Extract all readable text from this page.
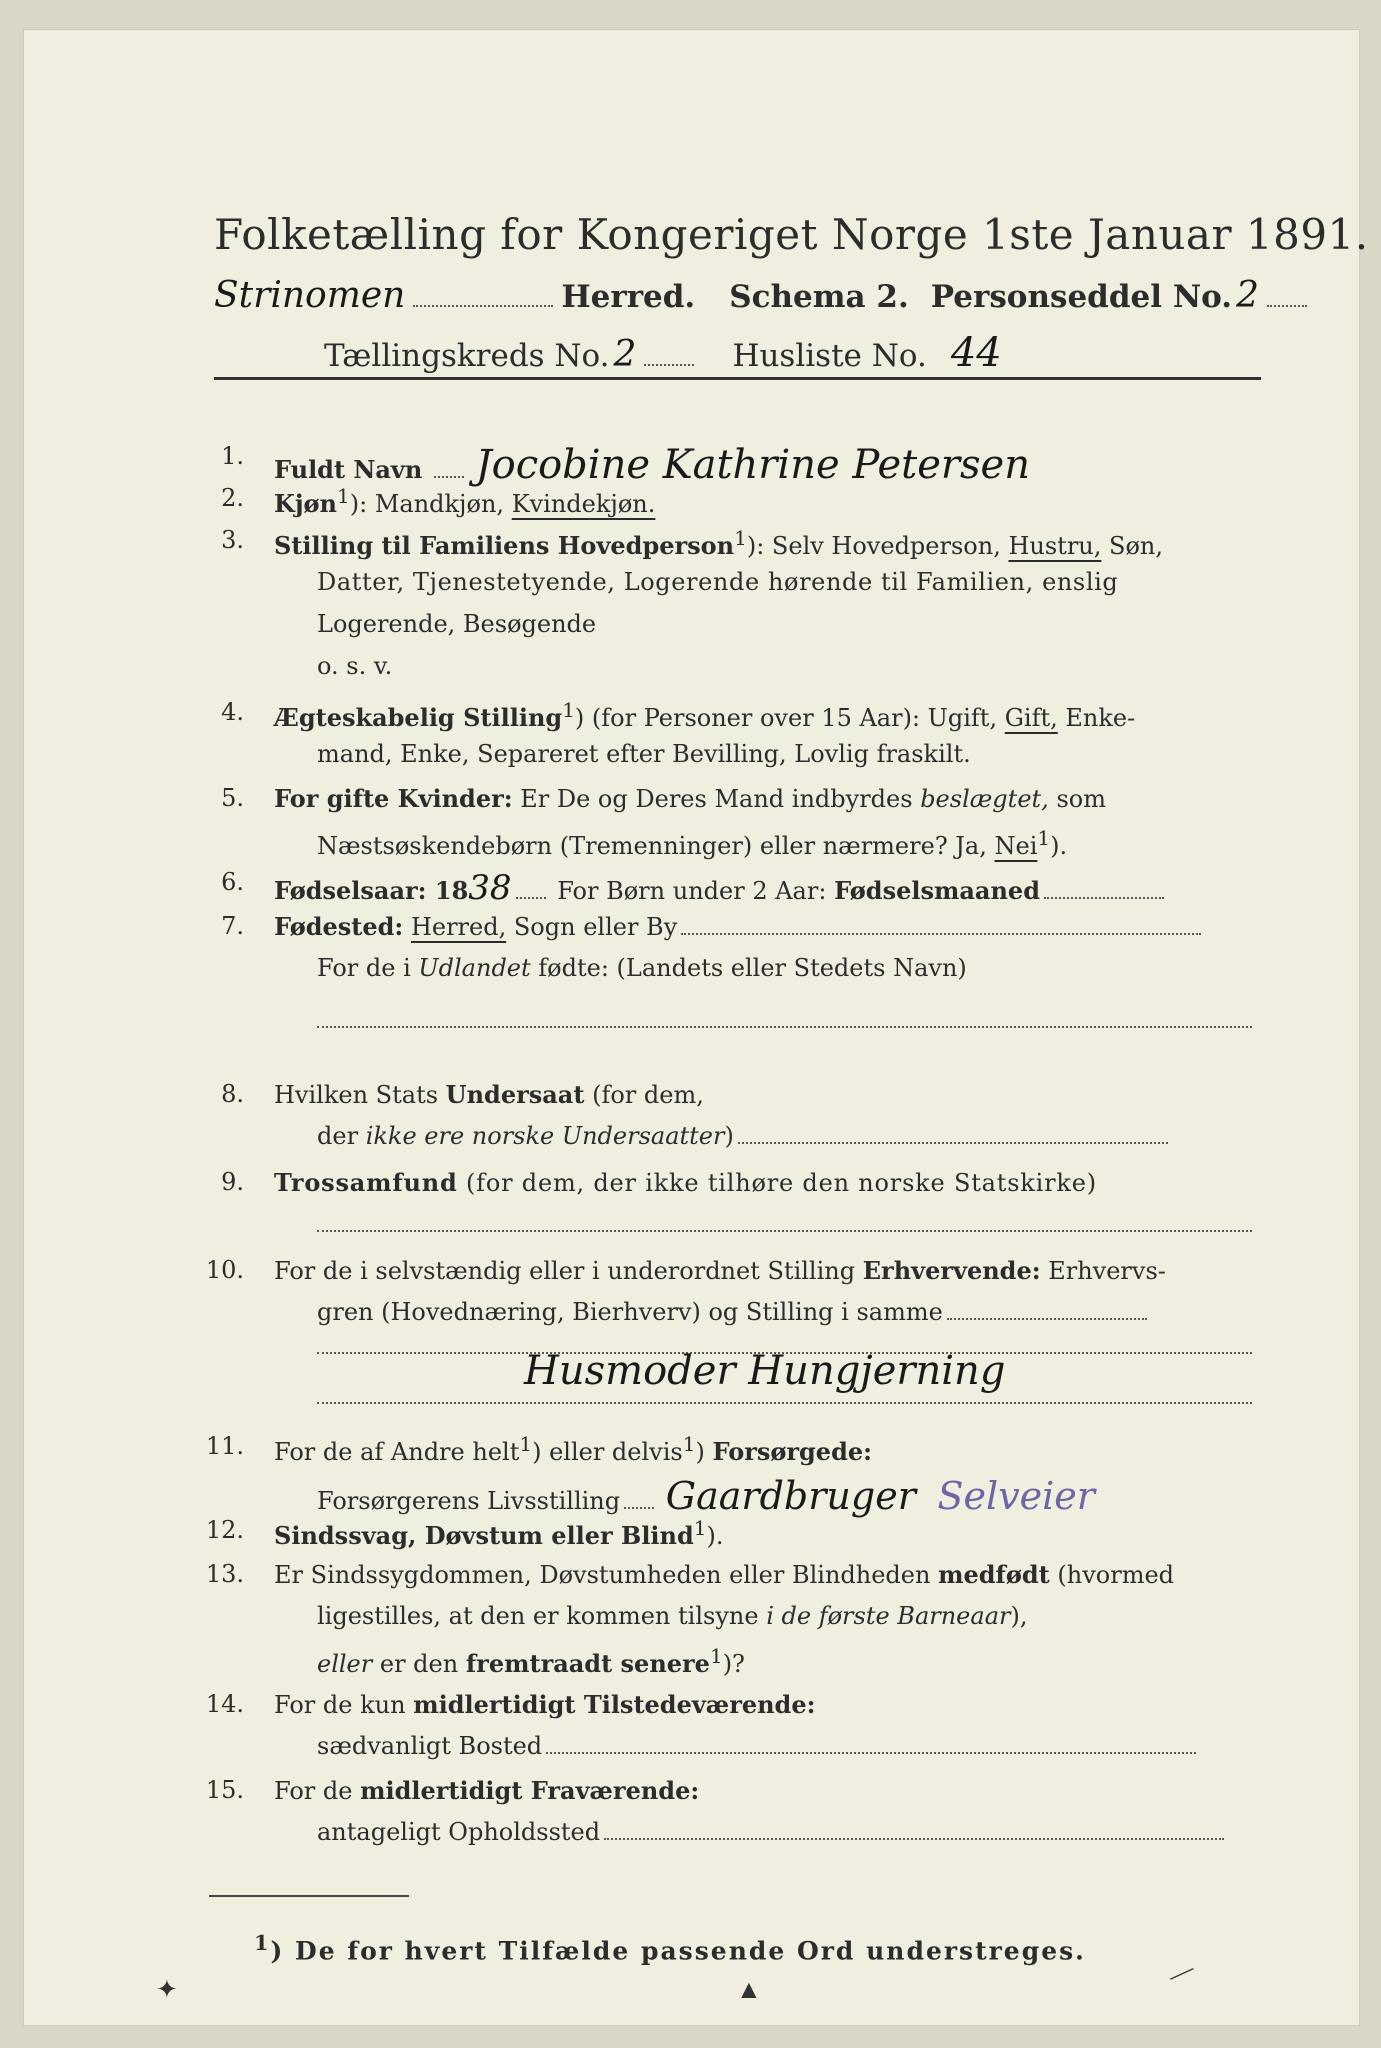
Folketælling for Kongeriget Norge 1ste Januar 1891.
Strinomen	Herred. Schema 2. Personseddel No. 2
Tællingskreds No. 2	Husliste No. 44
1. Fuldt Navn Jocobine Kathrine Petersen
2. Kjøn$^1$): Mandkjøn, Kvindekjøn.
3. Stilling til Familiens Hovedperson$^1$): Selv Hovedperson, Hustru, Søn,
Datter, Tjenestetyende, Logerende hørende til Familien, enslig
Logerende, Besøgende
o. s. v.
4. Ægteskabelig Stilling$^1$) (for Personer over 15 Aar): Ugift, Gift, Enke-
mand, Enke, Separeret efter Bevilling, Lovlig fraskilt.
5. For gifte Kvinder: Er De og Deres Mand indbyrdes beslægtet, som
Næstsøskendebørn (Tremenninger) eller nærmere? Ja, Nei$^1$).
6. Fødselsaar: 1838 For Børn under 2 Aar: Fødselsmaaned
7. Fødested: Herred, Sogn eller By
For de i Udlandet fødte: (Landets eller Stedets Navn)
8. Hvilken Stats Undersaat (for dem,
der ikke ere norske Undersaatter)
9. Trossamfund (for dem, der ikke tilhøre den norske Statskirke)
10. For de i selvstændig eller i underordnet Stilling Erhvervende: Erhvervs-
gren (Hovednæring, Bierhverv) og Stilling i samme
Husmoder Hungjerning
11. For de af Andre helt$^1$) eller delvis$^1$) Forsørgede:
Forsørgerens Livsstilling Gaardbruger Selveier
12. Sindssvag, Døvstum eller Blind$^1$).
13. Er Sindssygdommen, Døvstumheden eller Blindheden medfødt (hvormed
ligestilles, at den er kommen tilsyne i de første Barneaar),
eller er den fremtraadt senere$^1$)?
14. For de kun midlertidigt Tilstedeværende:
sædvanligt Bosted
15. For de midlertidigt Fraværende:
antageligt Opholdssted
$^1$) De for hvert Tilfælde passende Ord understreges.
✦	▲	⟋
